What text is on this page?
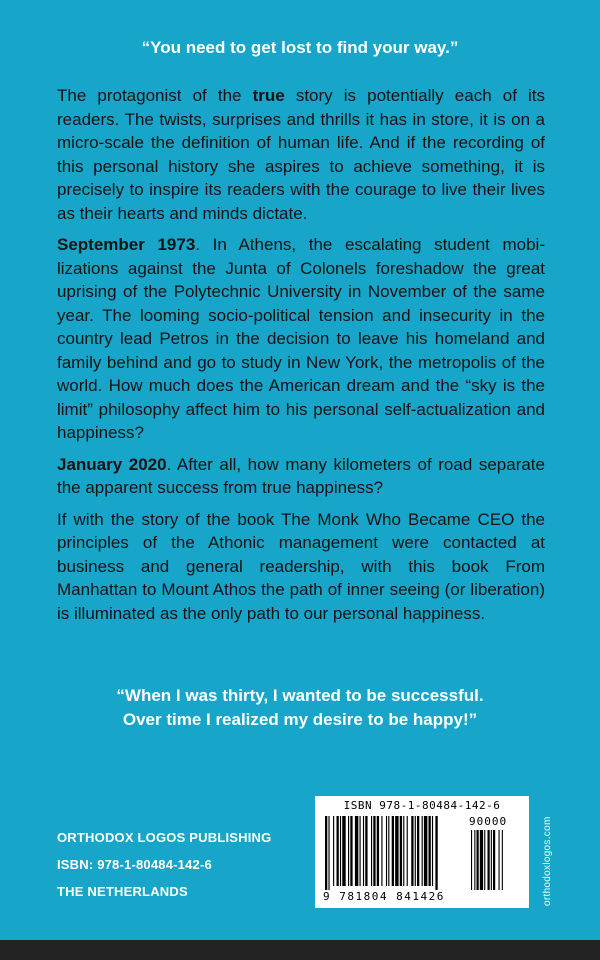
“You need to get lost to find your way.”

The protagonist of the true story is potentially each of its readers. The twists, surprises and thrills it has in store, it is on a micro-scale the definition of human life. And if the recording of this personal history she aspires to achieve something, it is precisely to inspire its readers with the courage to live their lives as their hearts and minds dictate.

September 1973. In Athens, the escalating student mobilizations against the Junta of Colonels foreshadow the great uprising of the Polytechnic University in November of the same year. The looming socio-political tension and insecurity in the country lead Petros in the decision to leave his homeland and family behind and go to study in New York, the metropolis of the world. How much does the American dream and the “sky is the limit” philosophy affect him to his personal self-actualization and happiness?

January 2020. After all, how many kilometers of road separate the apparent success from true happiness?

If with the story of the book The Monk Who Became CEO the principles of the Athonic management were contacted at business and general readership, with this book From Manhattan to Mount Athos the path of inner seeing (or liberation) is illuminated as the only path to our personal happiness.

“When I was thirty, I wanted to be successful.
Over time I realized my desire to be happy!”
ORTHODOX LOGOS PUBLISHING
ISBN: 978-1-80484-142-6
THE NETHERLANDS
ISBN 978-1-80484-142-6
90000
9 781804 841426	orthodoxlogos.com
